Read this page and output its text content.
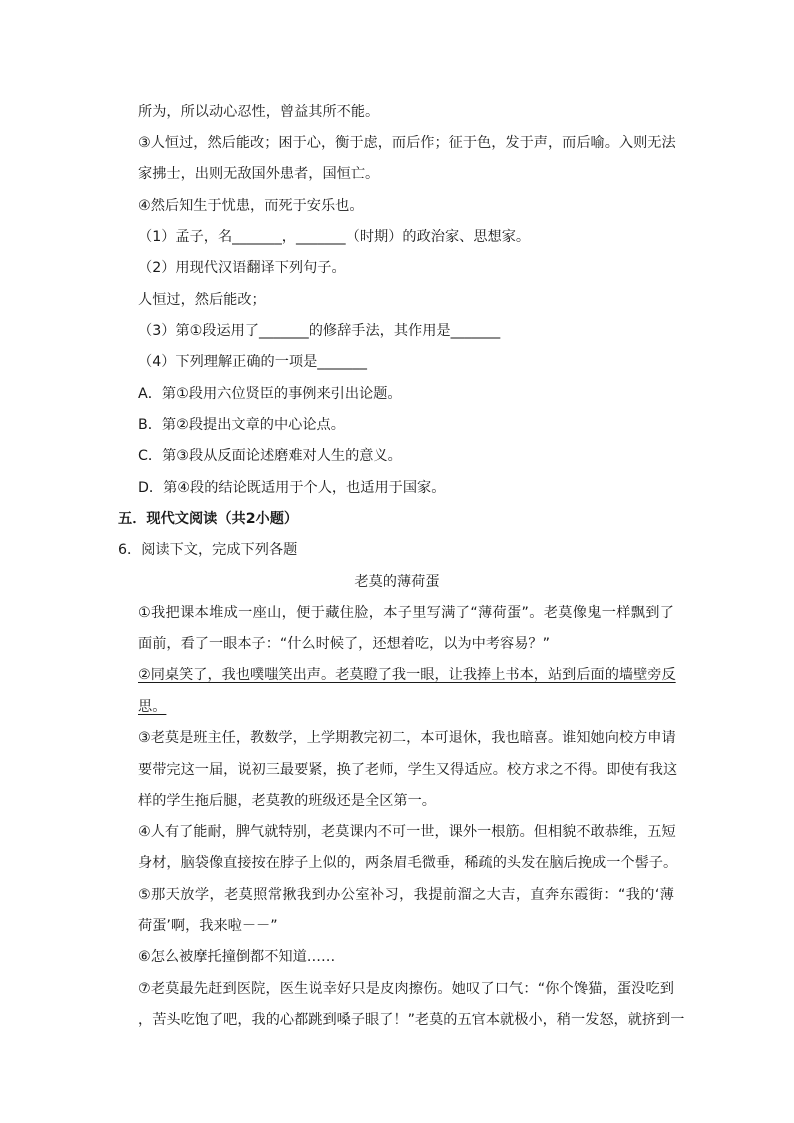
所为，所以动心忍性，曾益其所不能。
③人恒过，然后能改；困于心，衡于虑，而后作；征于色，发于声，而后喻。入则无法
家拂士，出则无敌国外患者，国恒亡。
④然后知生于忧患，而死于安乐也。
（1）孟子，名_______，_______（时期）的政治家、思想家。
（2）用现代汉语翻译下列句子。
人恒过，然后能改；
（3）第①段运用了_______的修辞手法，其作用是_______
（4）下列理解正确的一项是_______
A．第①段用六位贤臣的事例来引出论题。
B．第②段提出文章的中心论点。
C．第③段从反面论述磨难对人生的意义。
D．第④段的结论既适用于个人，也适用于国家。
五．现代文阅读（共2小题）
6．阅读下文，完成下列各题
老莫的薄荷蛋
①我把课本堆成一座山，便于藏住脸，本子里写满了“薄荷蛋”。老莫像鬼一样飘到了
面前，看了一眼本子：“什么时候了，还想着吃，以为中考容易？”
②同桌笑了，我也噗嗤笑出声。老莫瞪了我一眼，让我捧上书本，站到后面的墙壁旁反
思。
③老莫是班主任，教数学，上学期教完初二，本可退休，我也暗喜。谁知她向校方申请
要带完这一届，说初三最要紧，换了老师，学生又得适应。校方求之不得。即使有我这
样的学生拖后腿，老莫教的班级还是全区第一。
④人有了能耐，脾气就特别，老莫课内不可一世，课外一根筋。但相貌不敢恭维，五短
身材，脑袋像直接按在脖子上似的，两条眉毛微垂，稀疏的头发在脑后挽成一个髻子。
⑤那天放学，老莫照常揪我到办公室补习，我提前溜之大吉，直奔东霞街：“我的‘薄
荷蛋’啊，我来啦－－”
⑥怎么被摩托撞倒都不知道……
⑦老莫最先赶到医院，医生说幸好只是皮肉擦伤。她叹了口气：“你个馋猫，蛋没吃到
，苦头吃饱了吧，我的心都跳到嗓子眼了！”老莫的五官本就极小，稍一发怒，就挤到一
